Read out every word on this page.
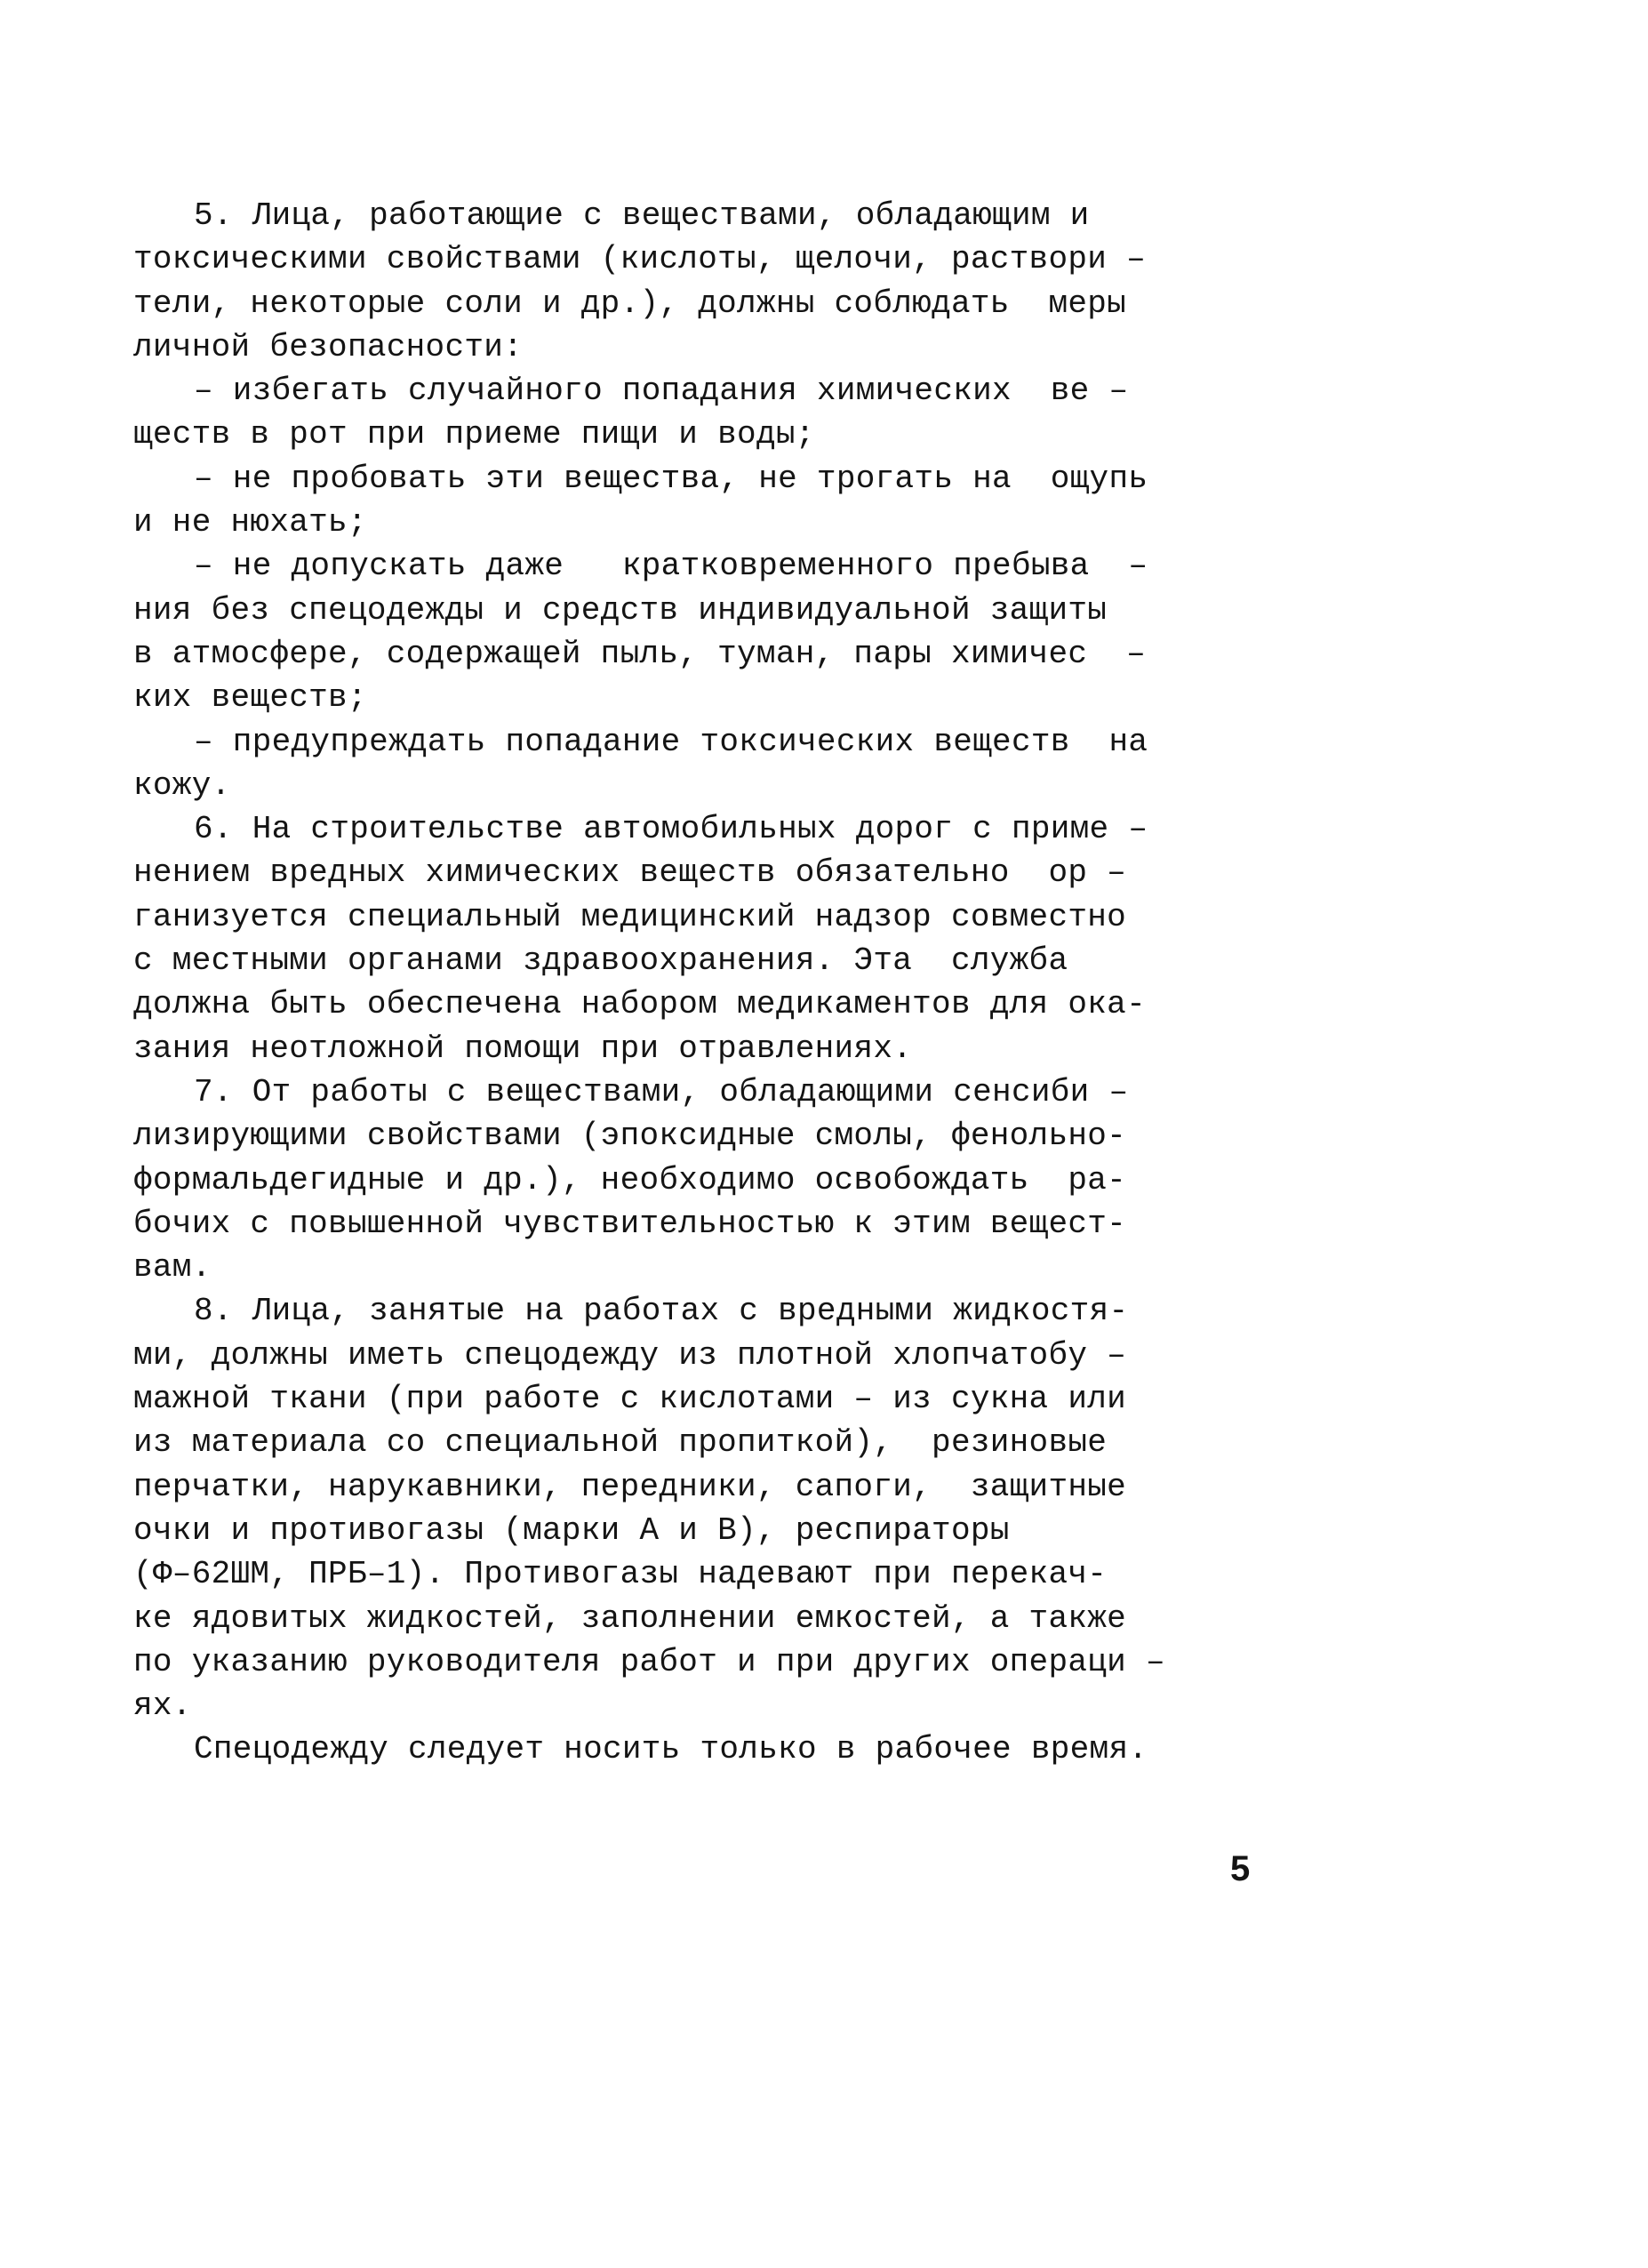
5. Лица, работающие с веществами, обладающим и
токсическими свойствами (кислоты, щелочи, раствори –
тели, некоторые соли и др.), должны соблюдать  меры
личной безопасности:
– избегать случайного попадания химических  ве –
ществ в рот при приеме пищи и воды;
– не пробовать эти вещества, не трогать на  ощупь
и не нюхать;
– не допускать даже   кратковременного пребыва  –
ния без спецодежды и средств индивидуальной защиты
в атмосфере, содержащей пыль, туман, пары химичес  –
ких веществ;
– предупреждать попадание токсических веществ  на
кожу.
6. На строительстве автомобильных дорог с приме –
нением вредных химических веществ обязательно  ор –
ганизуется специальный медицинский надзор совместно
с местными органами здравоохранения. Эта  служба
должна быть обеспечена набором медикаментов для ока-
зания неотложной помощи при отравлениях.
7. От работы с веществами, обладающими сенсиби –
лизирующими свойствами (эпоксидные смолы, фенольно-
формальдегидные и др.), необходимо освобождать  ра-
бочих с повышенной чувствительностью к этим вещест-
вам.
8. Лица, занятые на работах с вредными жидкостя-
ми, должны иметь спецодежду из плотной хлопчатобу –
мажной ткани (при работе с кислотами – из сукна или
из материала со специальной пропиткой),  резиновые
перчатки, нарукавники, передники, сапоги,  защитные
очки и противогазы (марки А и В), респираторы
(Ф–62ШМ, ПРБ–1). Противогазы надевают при перекач-
ке ядовитых жидкостей, заполнении емкостей, а также
по указанию руководителя работ и при других операци –
ях.
Спецодежду следует носить только в рабочее время.
5
